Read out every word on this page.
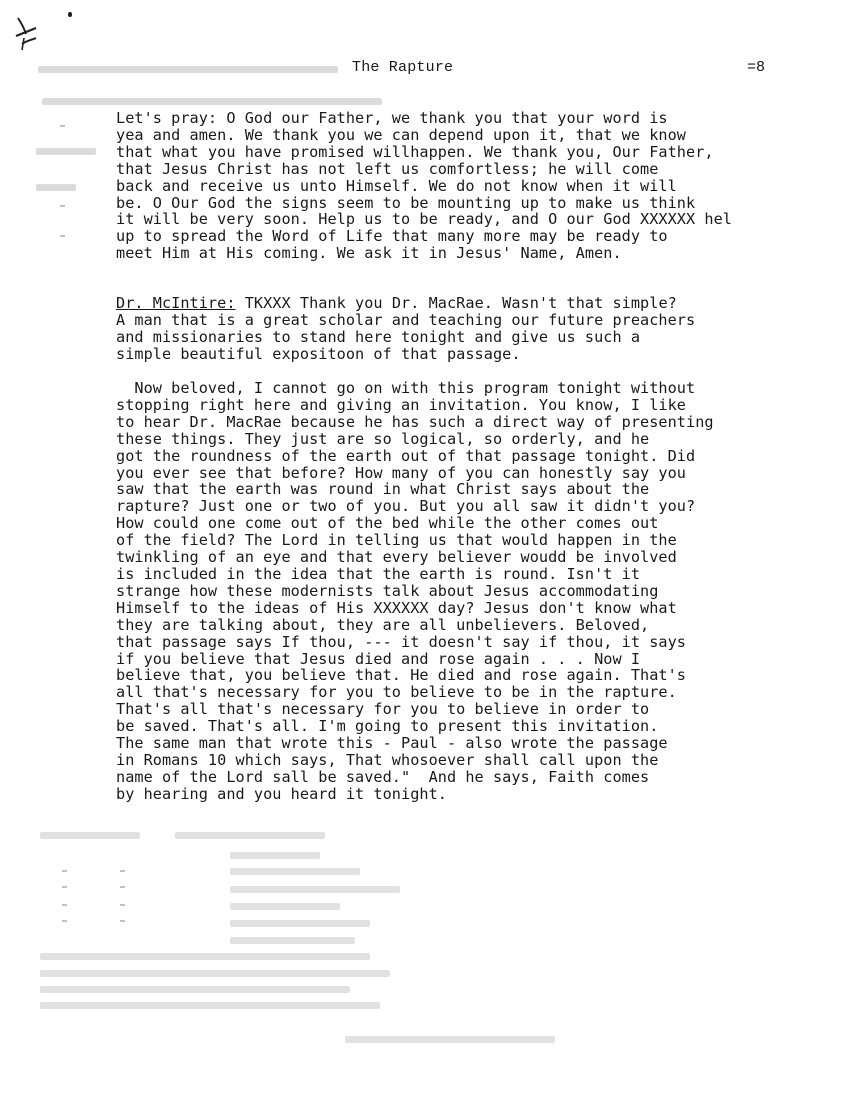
The Rapture	=8
Let's pray: O God our Father, we thank you that your word is
yea and amen. We thank you we can depend upon it, that we know
that what you have promised willhappen. We thank you, Our Father,
that Jesus Christ has not left us comfortless; he will come
back and receive us unto Himself. We do not know when it will
be. O Our God the signs seem to be mounting up to make us think
it will be very soon. Help us to be ready, and O our God XXXXXX hel
up to spread the Word of Life that many more may be ready to
meet Him at His coming. We ask it in Jesus' Name, Amen.
Dr. McIntire: TKXXX Thank you Dr. MacRae. Wasn't that simple?
A man that is a great scholar and teaching our future preachers
and missionaries to stand here tonight and give us such a
simple beautiful expositoon of that passage.
Now beloved, I cannot go on with this program tonight without
stopping right here and giving an invitation. You know, I like
to hear Dr. MacRae because he has such a direct way of presenting
these things. They just are so logical, so orderly, and he
got the roundness of the earth out of that passage tonight. Did
you ever see that before? How many of you can honestly say you
saw that the earth was round in what Christ says about the
rapture? Just one or two of you. But you all saw it didn't you?
How could one come out of the bed while the other comes out
of the field? The Lord in telling us that would happen in the
twinkling of an eye and that every believer woudd be involved
is included in the idea that the earth is round. Isn't it
strange how these modernists talk about Jesus accommodating
Himself to the ideas of His XXXXXX day? Jesus don't know what
they are talking about, they are all unbelievers. Beloved,
that passage says If thou, --- it doesn't say if thou, it says
if you believe that Jesus died and rose again . . . Now I
believe that, you believe that. He died and rose again. That's
all that's necessary for you to believe to be in the rapture.
That's all that's necessary for you to believe in order to
be saved. That's all. I'm going to present this invitation.
The same man that wrote this - Paul - also wrote the passage
in Romans 10 which says, That whosoever shall call upon the
name of the Lord sall be saved."  And he says, Faith comes
by hearing and you heard it tonight.
